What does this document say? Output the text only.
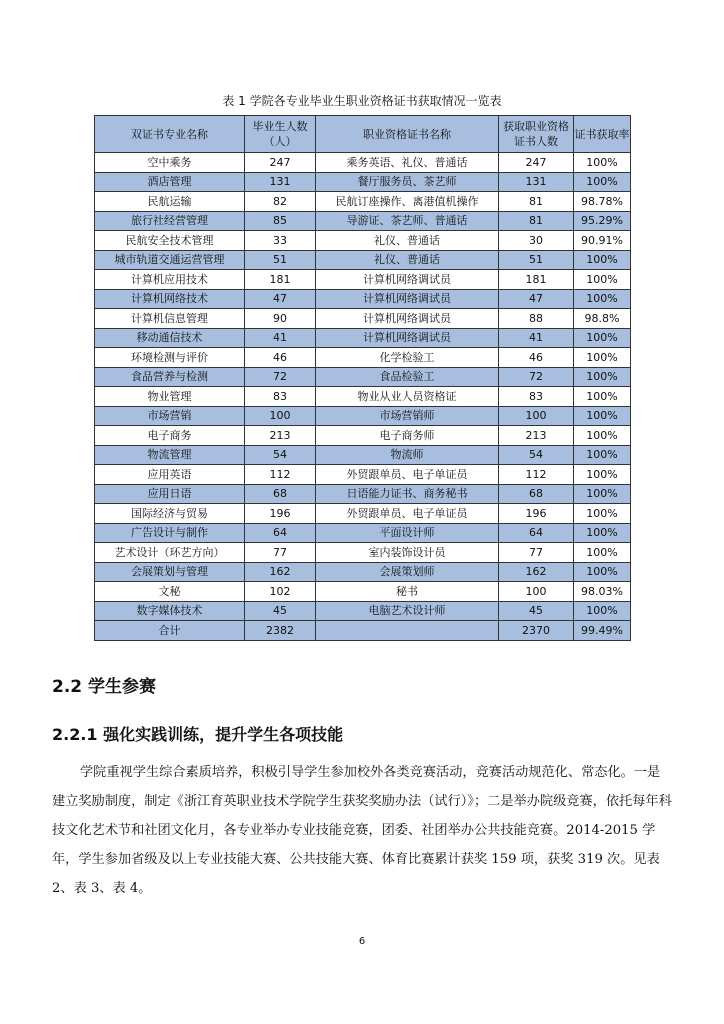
表 1 学院各专业毕业生职业资格证书获取情况一览表
双证书专业名称	毕业生人数（人）	职业资格证书名称	获取职业资格证书人数	证书获取率
空中乘务	247	乘务英语、礼仪、普通话	247	100%
酒店管理	131	餐厅服务员、茶艺师	131	100%
民航运输	82	民航订座操作、离港值机操作	81	98.78%
旅行社经营管理	85	导游证、茶艺师、普通话	81	95.29%
民航安全技术管理	33	礼仪、普通话	30	90.91%
城市轨道交通运营管理	51	礼仪、普通话	51	100%
计算机应用技术	181	计算机网络调试员	181	100%
计算机网络技术	47	计算机网络调试员	47	100%
计算机信息管理	90	计算机网络调试员	88	98.8%
移动通信技术	41	计算机网络调试员	41	100%
环境检测与评价	46	化学检验工	46	100%
食品营养与检测	72	食品检验工	72	100%
物业管理	83	物业从业人员资格证	83	100%
市场营销	100	市场营销师	100	100%
电子商务	213	电子商务师	213	100%
物流管理	54	物流师	54	100%
应用英语	112	外贸跟单员、电子单证员	112	100%
应用日语	68	日语能力证书、商务秘书	68	100%
国际经济与贸易	196	外贸跟单员、电子单证员	196	100%
广告设计与制作	64	平面设计师	64	100%
艺术设计（环艺方向）	77	室内装饰设计员	77	100%
会展策划与管理	162	会展策划师	162	100%
文秘	102	秘书	100	98.03%
数字媒体技术	45	电脑艺术设计师	45	100%
合计	2382		2370	99.49%
2.2 学生参赛
2.2.1 强化实践训练，提升学生各项技能
学院重视学生综合素质培养，积极引导学生参加校外各类竞赛活动，竞赛活动规范化、常态化。一是建立奖励制度，制定《浙江育英职业技术学院学生获奖奖励办法（试行）》；二是举办院级竞赛，依托每年科技文化艺术节和社团文化月，各专业举办专业技能竞赛，团委、社团举办公共技能竞赛。2014-2015 学年，学生参加省级及以上专业技能大赛、公共技能大赛、体育比赛累计获奖 159 项，获奖 319 次。见表 2、表 3、表 4。
6
